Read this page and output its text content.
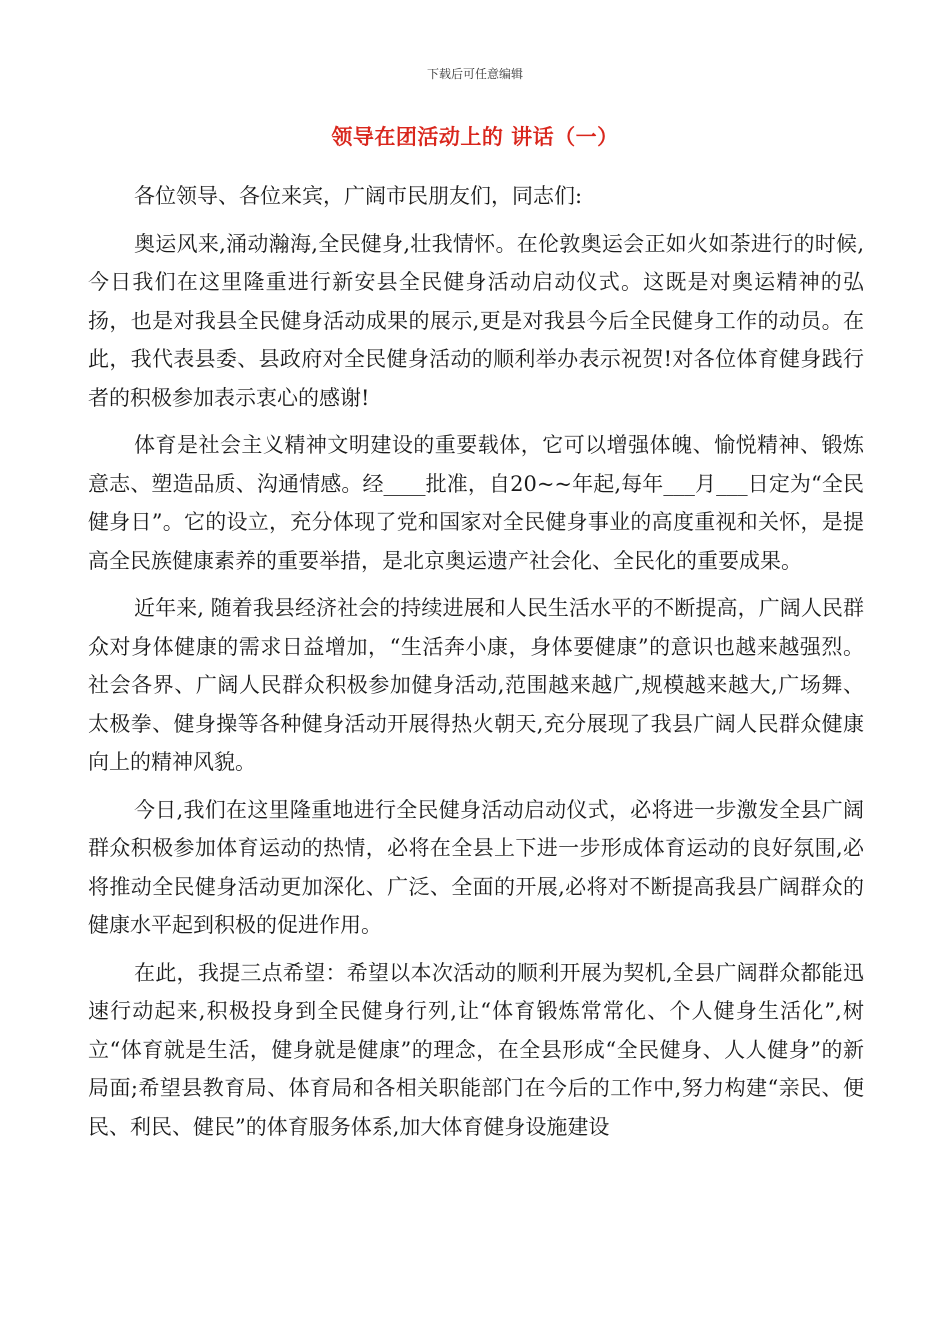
下载后可任意编辑
领导在团活动上的 讲话（一）

各位领导、各位来宾，广阔市民朋友们，同志们:

奥运风来,涌动瀚海,全民健身,壮我情怀。在伦敦奥运会正如火如荼进行的时候,今日我们在这里隆重进行新安县全民健身活动启动仪式。这既是对奥运精神的弘扬，也是对我县全民健身活动成果的展示,更是对我县今后全民健身工作的动员。在此，我代表县委、县政府对全民健身活动的顺利举办表示祝贺!对各位体育健身践行者的积极参加表示衷心的感谢!

体育是社会主义精神文明建设的重要载体，它可以增强体魄、愉悦精神、锻炼意志、塑造品质、沟通情感。经____批准，自20~~年起,每年___月___日定为“全民健身日”。它的设立，充分体现了党和国家对全民健身事业的高度重视和关怀，是提高全民族健康素养的重要举措，是北京奥运遗产社会化、全民化的重要成果。

近年来, 随着我县经济社会的持续进展和人民生活水平的不断提高，广阔人民群众对身体健康的需求日益增加，“生活奔小康，身体要健康”的意识也越来越强烈。社会各界、广阔人民群众积极参加健身活动,范围越来越广,规模越来越大,广场舞、太极拳、健身操等各种健身活动开展得热火朝天,充分展现了我县广阔人民群众健康向上的精神风貌。

今日,我们在这里隆重地进行全民健身活动启动仪式，必将进一步激发全县广阔群众积极参加体育运动的热情，必将在全县上下进一步形成体育运动的良好氛围,必将推动全民健身活动更加深化、广泛、全面的开展,必将对不断提高我县广阔群众的健康水平起到积极的促进作用。

在此，我提三点希望：希望以本次活动的顺利开展为契机,全县广阔群众都能迅速行动起来,积极投身到全民健身行列,让“体育锻炼常常化、个人健身生活化”,树立“体育就是生活，健身就是健康”的理念，在全县形成“全民健身、人人健身”的新局面;希望县教育局、体育局和各相关职能部门在今后的工作中,努力构建“亲民、便民、利民、健民”的体育服务体系,加大体育健身设施建设
